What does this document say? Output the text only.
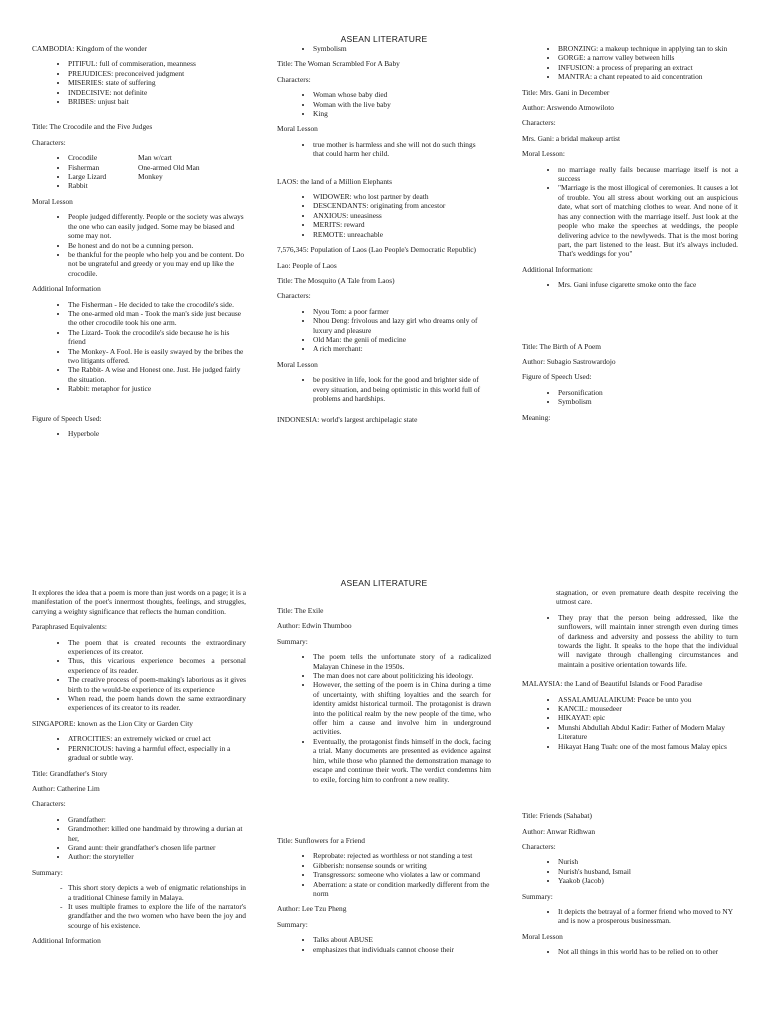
ASEAN LITERATURE

CAMBODIA: Kingdom of the wonder

• PITIFUL: full of commiseration, meanness
• PREJUDICES: preconceived judgment
• MISERIES: state of suffering
• INDECISIVE: not definite
• BRIBES: unjust bait

Title: The Crocodile and the Five Judges

Characters:

• Crocodile	Man w/cart
• Fisherman	One-armed Old Man
• Large Lizard	Monkey
• Rabbit

Moral Lesson

• People judged differently. People or the society was always the one who can easily judged. Some may be biased and some may not.
• Be honest and do not be a cunning person.
• be thankful for the people who help you and be content. Do not be ungrateful and greedy or you may end up like the crocodile.

Additional Information

• The Fisherman - He decided to take the crocodile's side.
• The one-armed old man - Took the man's side just because the other crocodile took his one arm.
• The Lizard- Took the crocodile's side because he is his friend
• The Monkey- A Fool. He is easily swayed by the bribes the two litigants offered.
• The Rabbit- A wise and Honest one. Just. He judged fairly the situation.
• Rabbit: metaphor for justice

Figure of Speech Used:

• Hyperbole
• Symbolism

Title: The Woman Scrambled For A Baby

Characters:

• Woman whose baby died
• Woman with the live baby
• King

Moral Lesson

• true mother is harmless and she will not do such things that could harm her child.

LAOS: the land of a Million Elephants

• WIDOWER: who lost partner by death
• DESCENDANTS: originating from ancestor
• ANXIOUS: uneasiness
• MERITS: reward
• REMOTE: unreachable

7,576,345: Population of Laos (Lao People's Democratic Republic)

Lao: People of Laos

Title: The Mosquito (A Tale from Laos)

Characters:

• Nyou Tom: a poor farmer
• Nhou Deng: frivolous and lazy girl who dreams only of luxury and pleasure
• Old Man: the genii of medicine
• A rich merchant:

Moral Lesson

• be positive in life, look for the good and brighter side of every situation, and being optimistic in this world full of problems and hardships.

INDONESIA: world's largest archipelagic state

• BRONZING: a makeup technique in applying tan to skin
• GORGE: a narrow valley between hills
• INFUSION: a process of preparing an extract
• MANTRA: a chant repeated to aid concentration

Title: Mrs. Gani in December

Author: Arswendo Atmowiloto

Characters:

Mrs. Gani: a bridal makeup artist

Moral Lesson:

• no marriage really fails because marriage itself is not a success
• "Marriage is the most illogical of ceremonies. It causes a lot of trouble. You all stress about working out an auspicious date, what sort of matching clothes to wear. And none of it has any connection with the marriage itself. Just look at the people who make the speeches at weddings, the people delivering advice to the newlyweds. That is the most boring part, the part listened to the least. But it's always included. That's weddings for you"

Additional Information:

• Mrs. Gani infuse cigarette smoke onto the face

Title: The Birth of A Poem

Author: Subagio Sastrowardojo

Figure of Speech Used:

• Personification
• Symbolism

Meaning:

ASEAN LITERATURE

It explores the idea that a poem is more than just words on a page; it is a manifestation of the poet's innermost thoughts, feelings, and struggles, carrying a weighty significance that reflects the human condition.

Paraphrased Equivalents:

• The poem that is created recounts the extraordinary experiences of its creator.
• Thus, this vicarious experience becomes a personal experience of its reader.
• The creative process of poem-making's laborious as it gives birth to the would-be experience of its experience
• When read, the poem hands down the same extraordinary experiences of its creator to its reader.

SINGAPORE: known as the Lion City or Garden City

• ATROCITIES: an extremely wicked or cruel act
• PERNICIOUS: having a harmful effect, especially in a gradual or subtle way.

Title: Grandfather's Story

Author: Catherine Lim

Characters:

• Grandfather:
• Grandmother: killed one handmaid by throwing a durian at her,
• Grand aunt: their grandfather's chosen life partner
• Author: the storyteller

Summary:

- This short story depicts a web of enigmatic relationships in a traditional Chinese family in Malaya.
- It uses multiple frames to explore the life of the narrator's grandfather and the two women who have been the joy and scourge of his existence.

Additional Information

Title: The Exile

Author: Edwin Thumboo

Summary:

• The poem tells the unfortunate story of a radicalized Malayan Chinese in the 1950s.
• The man does not care about politicizing his ideology.
• However, the setting of the poem is in China during a time of uncertainty, with shifting loyalties and the search for identity amidst historical turmoil. The protagonist is drawn into the political realm by the new people of the time, who offer him a cause and involve him in underground activities.
• Eventually, the protagonist finds himself in the dock, facing a trial. Many documents are presented as evidence against him, while those who planned the demonstration manage to escape and continue their work. The verdict condemns him to exile, forcing him to confront a new reality.

Title: Sunflowers for a Friend

• Reprobate: rejected as worthless or not standing a test
• Gibberish: nonsense sounds or writing
• Transgressors: someone who violates a law or command
• Aberration: a state or condition markedly different from the norm

Author: Lee Tzu Pheng

Summary:

• Talks about ABUSE
• emphasizes that individuals cannot choose their

stagnation, or even premature death despite receiving the utmost care.

• They pray that the person being addressed, like the sunflowers, will maintain inner strength even during times of darkness and adversity and possess the ability to turn towards the light. It speaks to the hope that the individual will navigate through challenging circumstances and maintain a positive orientation towards life.

MALAYSIA: the Land of Beautiful Islands or Food Paradise

• ASSALAMUALAIKUM: Peace be unto you
• KANCIL: mousedeer
• HIKAYAT: epic
• Munshi Abdullah Abdul Kadir: Father of Modern Malay Literature
• Hikayat Hang Tuah: one of the most famous Malay epics

Title: Friends (Sahabat)

Author: Anwar Ridhwan

Characters:

• Nurish
• Nurish's husband, Ismail
• Yaakob (Jacob)

Summary:

• It depicts the betrayal of a former friend who moved to NY and is now a prosperous businessman.

Moral Lesson

• Not all things in this world has to be relied on to other
